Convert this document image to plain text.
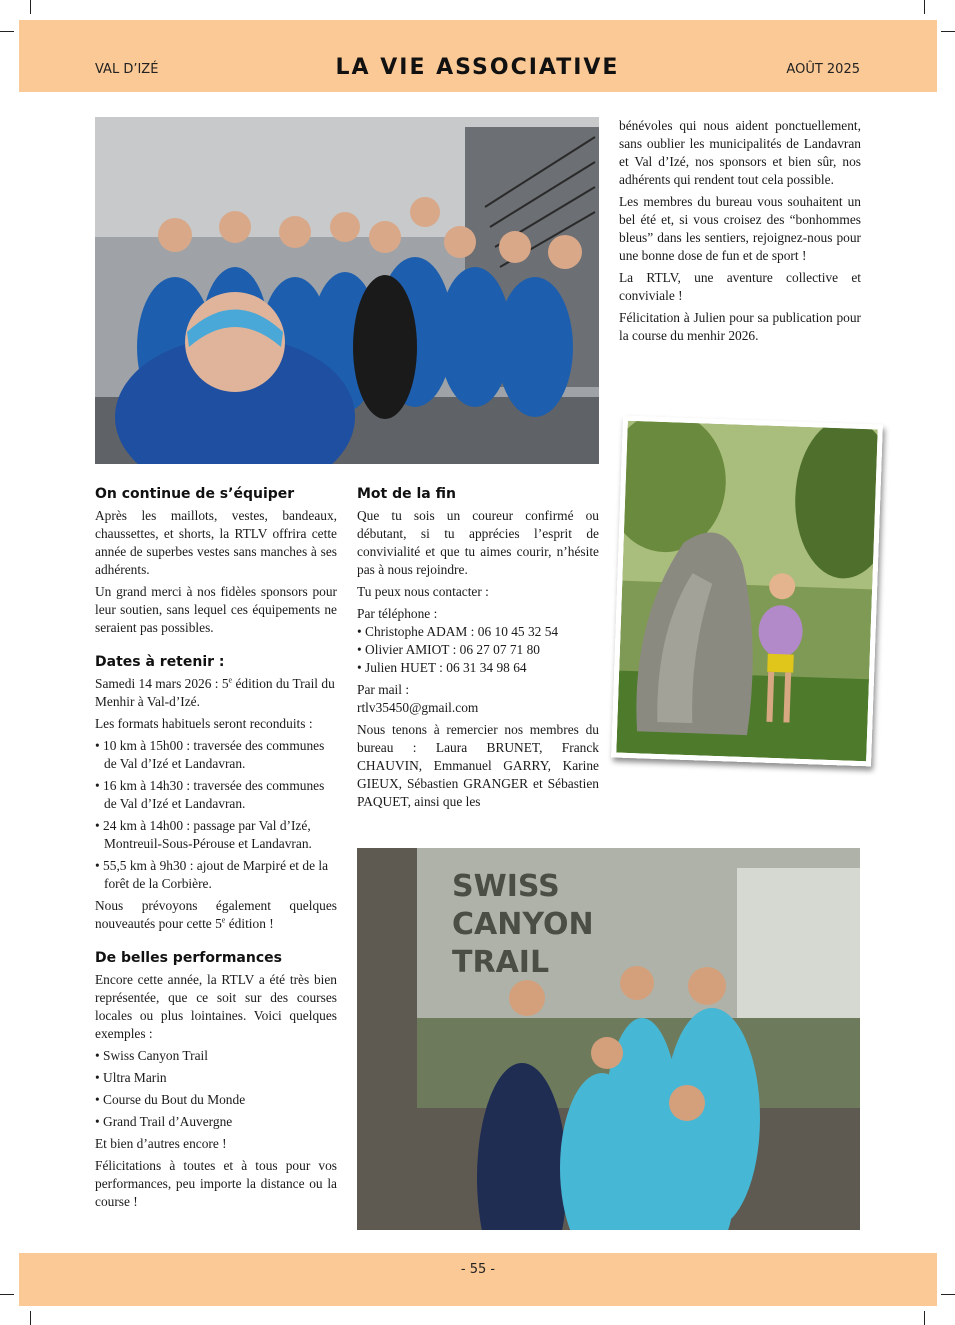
VAL D’IZÉ	LA VIE ASSOCIATIVE	AOÛT 2025
SWISS
CANYON
TRAIL

bénévoles qui nous aident ponctuellement, sans oublier les municipalités de Landavran et Val d’Izé, nos sponsors et bien sûr, nos adhérents qui rendent tout cela possible.

Les membres du bureau vous souhaitent un bel été et, si vous croisez des “bonhommes bleus” dans les sentiers, rejoignez-nous pour une bonne dose de fun et de sport !

La RTLV, une aventure collective et conviviale !

Félicitation à Julien pour sa publication pour la course du menhir 2026.

On continue de s’équiper

Après les maillots, vestes, bandeaux, chaussettes, et shorts, la RTLV offrira cette année de superbes vestes sans manches à ses adhérents.

Un grand merci à nos fidèles sponsors pour leur soutien, sans lequel ces équipements ne seraient pas possibles.

Dates à retenir :

Samedi 14 mars 2026 : 5e édition du Trail du Menhir à Val-d’Izé.

Les formats habituels seront reconduits :

• 10 km à 15h00 : traversée des communes de Val d’Izé et Landavran.
• 16 km à 14h30 : traversée des communes de Val d’Izé et Landavran.
• 24 km à 14h00 : passage par Val d’Izé, Montreuil-Sous-Pérouse et Landavran.
• 55,5 km à 9h30 : ajout de Marpiré et de la forêt de la Corbière.

Nous prévoyons également quelques nouveautés pour cette 5e édition !

De belles performances

Encore cette année, la RTLV a été très bien représentée, que ce soit sur des courses locales ou plus lointaines. Voici quelques exemples :

• Swiss Canyon Trail
• Ultra Marin
• Course du Bout du Monde
• Grand Trail d’Auvergne

Et bien d’autres encore !

Félicitations à toutes et à tous pour vos performances, peu importe la distance ou la course !

Mot de la fin

Que tu sois un coureur confirmé ou débutant, si tu apprécies l’esprit de convivialité et que tu aimes courir, n’hésite pas à nous rejoindre.

Tu peux nous contacter :

Par téléphone :

• Christophe ADAM : 06 10 45 32 54
• Olivier AMIOT : 06 27 07 71 80
• Julien HUET : 06 31 34 98 64

Par mail :

rtlv35450@gmail.com

Nous tenons à remercier nos membres du bureau : Laura BRUNET, Franck CHAUVIN, Emmanuel GARRY, Karine GIEUX, Sébastien GRANGER et Sébastien PAQUET, ainsi que les

- 55 -
